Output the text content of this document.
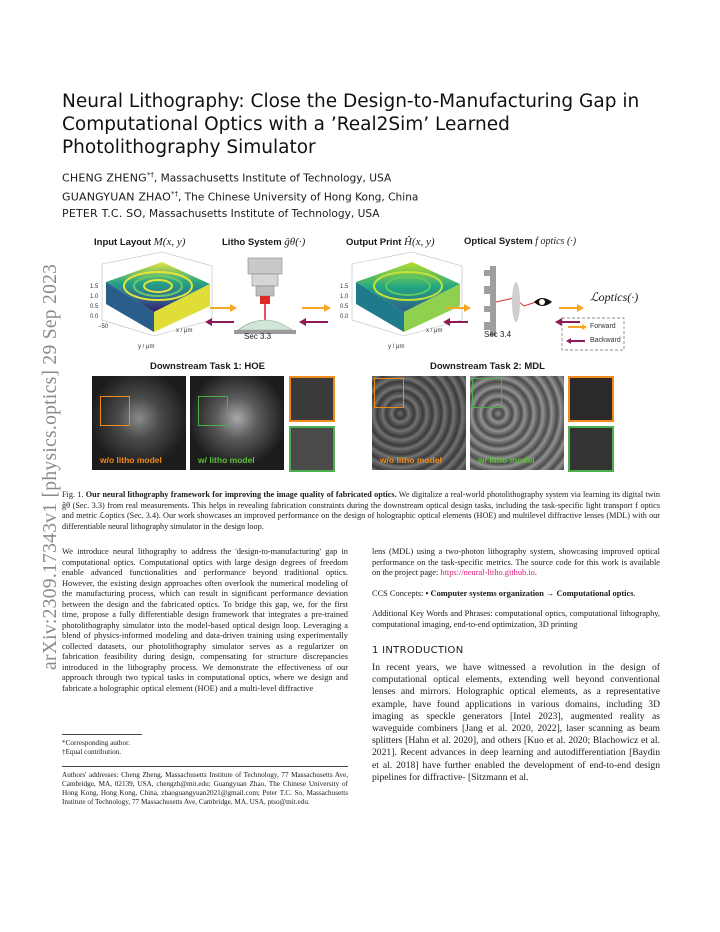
arXiv:2309.17343v1 [physics.optics] 29 Sep 2023
Neural Lithography: Close the Design-to-Manufacturing Gap in Computational Optics with a ’Real2Sim’ Learned Photolithography Simulator
CHENG ZHENG*†, Massachusetts Institute of Technology, USA
GUANGYUAN ZHAO*†, The Chinese University of Hong Kong, China
PETER T.C. SO, Massachusetts Institute of Technology, USA
Input Layout M(x, y)	Litho System ĝθ(·)	Output Print Ĥ(x, y)	Optical System f optics (·)
1.5
1.0
0.5
0.0
−50
y / μm
x / μm
1.5
1.0
0.5
0.0
y / μm
x / μm
Sec 3.3	Sec 3.4
ℒoptics(·)
Forward
Backward
Downstream Task 1: HOE	Downstream Task 2: MDL
w/o litho model	w/ litho model	w/o litho model	w/ litho model
Fig. 1. Our neural lithography framework for improving the image quality of fabricated optics. We digitalize a real-world photolithography system via learning its digital twin ĝθ (Sec. 3.3) from real measurements. This helps in revealing fabrication constraints during the downstream optical design tasks, including the task-specific light transport f optics and metric ℒoptics (Sec. 3.4). Our work showcases an improved performance on the design of holographic optical elements (HOE) and multilevel diffractive lenses (MDL) with our differentiable neural lithography simulator in the design loop.

We introduce neural lithography to address the 'design-to-manufacturing' gap in computational optics. Computational optics with large design degrees of freedom enable advanced functionalities and performance beyond traditional optics. However, the existing design approaches often overlook the numerical modeling of the manufacturing process, which can result in significant performance deviation between the design and the fabricated optics. To bridge this gap, we, for the first time, propose a fully differentiable design framework that integrates a pre-trained photolithography simulator into the model-based optical design loop. Leveraging a blend of physics-informed modeling and data-driven training using experimentally collected datasets, our photolithography simulator serves as a regularizer on fabrication feasibility during design, compensating for structure discrepancies introduced in the lithography process. We demonstrate the effectiveness of our approach through two typical tasks in computational optics, where we design and fabricate a holographic optical element (HOE) and a multi-level diffractive

lens (MDL) using a two-photon lithography system, showcasing improved optical performance on the task-specific metrics. The source code for this work is available on the project page: https://neural-litho.github.io.

CCS Concepts: • Computer systems organization → Computational optics.

Additional Key Words and Phrases: computational optics, computational lithography, computational imaging, end-to-end optimization, 3D printing

1 INTRODUCTION
In recent years, we have witnessed a revolution in the design of computational optical elements, extending well beyond conventional lenses and mirrors. Holographic optical elements, as a representative example, have found applications in various domains, including 3D imaging as speckle generators [Intel 2023], augmented reality as waveguide combiners [Jang et al. 2020, 2022], laser scanning as beam splitters [Hahn et al. 2020], and others [Kuo et al. 2020; Blachowicz et al. 2021]. Recent advances in deep learning and autodifferentiation [Baydin et al. 2018] have further enabled the development of end-to-end design pipelines for diffractive- [Sitzmann et al.
*Corresponding author.
†Equal contribution.
Authors' addresses: Cheng Zheng, Massachusetts Institute of Technology, 77 Massachusetts Ave, Cambridge, MA, 02139, USA, chengzh@mit.edu; Guangyuan Zhao, The Chinese University of Hong Kong, Hong Kong, China, zhaoguangyuan2021@gmail.com; Peter T.C. So, Massachusetts Institute of Technology, 77 Massachusetts Ave, Cambridge, MA, USA, ptso@mit.edu.
